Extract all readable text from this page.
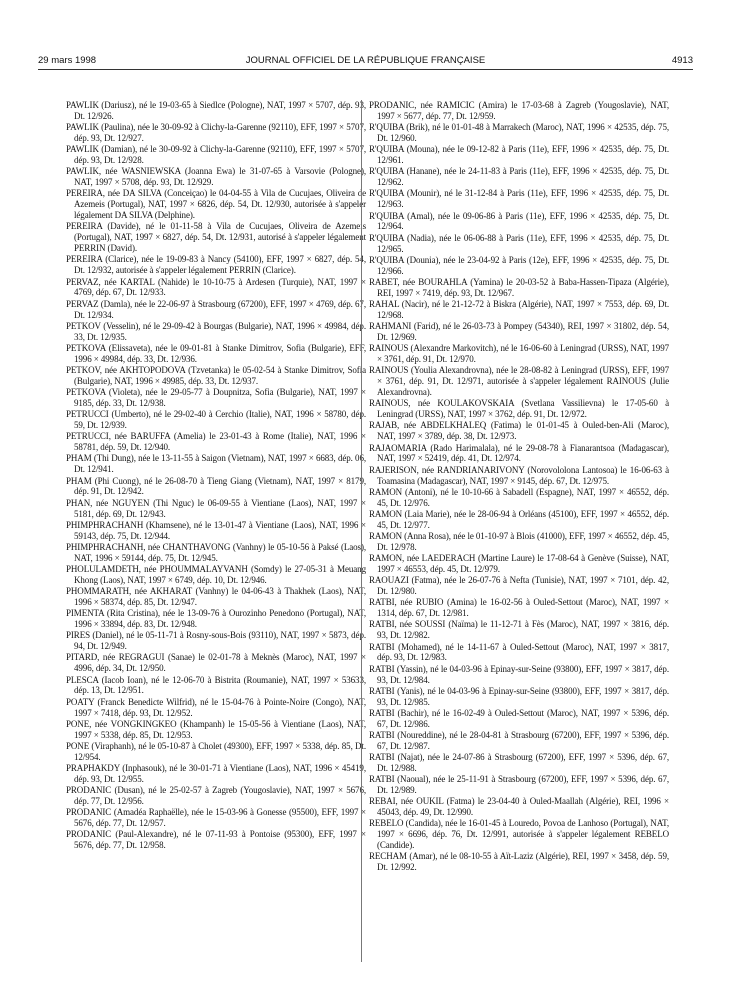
29 mars 1998	JOURNAL OFFICIEL DE LA RÉPUBLIQUE FRANÇAISE	4913

PAWLIK (Dariusz), né le 19-03-65 à Siedlce (Pologne), NAT, 1997 × 5707, dép. 93, Dt. 12/926.

PAWLIK (Paulina), née le 30-09-92 à Clichy-la-Garenne (92110), EFF, 1997 × 5707, dép. 93, Dt. 12/927.

PAWLIK (Damian), né le 30-09-92 à Clichy-la-Garenne (92110), EFF, 1997 × 5707, dép. 93, Dt. 12/928.

PAWLIK, née WASNIEWSKA (Joanna Ewa) le 31-07-65 à Varsovie (Pologne), NAT, 1997 × 5708, dép. 93, Dt. 12/929.

PEREIRA, née DA SILVA (Conceiçao) le 04-04-55 à Vila de Cucujaes, Oliveira de Azemeis (Portugal), NAT, 1997 × 6826, dép. 54, Dt. 12/930, autorisée à s'appeler légalement DA SILVA (Delphine).

PEREIRA (Davide), né le 01-11-58 à Vila de Cucujaes, Oliveira de Azemeis (Portugal), NAT, 1997 × 6827, dép. 54, Dt. 12/931, autorisé à s'appeler légalement PERRIN (David).

PEREIRA (Clarice), née le 19-09-83 à Nancy (54100), EFF, 1997 × 6827, dép. 54, Dt. 12/932, autorisée à s'appeler légalement PERRIN (Clarice).

PERVAZ, née KARTAL (Nahide) le 10-10-75 à Ardesen (Turquie), NAT, 1997 × 4769, dép. 67, Dt. 12/933.

PERVAZ (Damla), née le 22-06-97 à Strasbourg (67200), EFF, 1997 × 4769, dép. 67, Dt. 12/934.

PETKOV (Vesselin), né le 29-09-42 à Bourgas (Bulgarie), NAT, 1996 × 49984, dép. 33, Dt. 12/935.

PETKOVA (Elissaveta), née le 09-01-81 à Stanke Dimitrov, Sofia (Bulgarie), EFF, 1996 × 49984, dép. 33, Dt. 12/936.

PETKOV, née AKHTOPODOVA (Tzvetanka) le 05-02-54 à Stanke Dimitrov, Sofia (Bulgarie), NAT, 1996 × 49985, dép. 33, Dt. 12/937.

PETKOVA (Violeta), née le 29-05-77 à Doupnitza, Sofia (Bulgarie), NAT, 1997 × 9185, dép. 33, Dt. 12/938.

PETRUCCI (Umberto), né le 29-02-40 à Cerchio (Italie), NAT, 1996 × 58780, dép. 59, Dt. 12/939.

PETRUCCI, née BARUFFA (Amelia) le 23-01-43 à Rome (Italie), NAT, 1996 × 58781, dép. 59, Dt. 12/940.

PHAM (Thi Dung), née le 13-11-55 à Saigon (Vietnam), NAT, 1997 × 6683, dép. 06, Dt. 12/941.

PHAM (Phi Cuong), né le 26-08-70 à Tieng Giang (Vietnam), NAT, 1997 × 8179, dép. 91, Dt. 12/942.

PHAN, née NGUYEN (Thi Nguc) le 06-09-55 à Vientiane (Laos), NAT, 1997 × 5181, dép. 69, Dt. 12/943.

PHIMPHRACHANH (Khamsene), né le 13-01-47 à Vientiane (Laos), NAT, 1996 × 59143, dép. 75, Dt. 12/944.

PHIMPHRACHANH, née CHANTHAVONG (Vanhny) le 05-10-56 à Paksé (Laos), NAT, 1996 × 59144, dép. 75, Dt. 12/945.

PHOLULAMDETH, née PHOUMMALAYVANH (Somdy) le 27-05-31 à Meuang Khong (Laos), NAT, 1997 × 6749, dép. 10, Dt. 12/946.

PHOMMARATH, née AKHARAT (Vanhny) le 04-06-43 à Thakhek (Laos), NAT, 1996 × 58374, dép. 85, Dt. 12/947.

PIMENTA (Rita Cristina), née le 13-09-76 à Ourozinho Penedono (Portugal), NAT, 1996 × 33894, dép. 83, Dt. 12/948.

PIRES (Daniel), né le 05-11-71 à Rosny-sous-Bois (93110), NAT, 1997 × 5873, dép. 94, Dt. 12/949.

PITARD, née REGRAGUI (Sanae) le 02-01-78 à Meknès (Maroc), NAT, 1997 × 4996, dép. 34, Dt. 12/950.

PLESCA (Iacob Ioan), né le 12-06-70 à Bistrita (Roumanie), NAT, 1997 × 53633, dép. 13, Dt. 12/951.

POATY (Franck Benedicte Wilfrid), né le 15-04-76 à Pointe-Noire (Congo), NAT, 1997 × 7418, dép. 93, Dt. 12/952.

PONE, née VONGKINGKEO (Khampanh) le 15-05-56 à Vientiane (Laos), NAT, 1997 × 5338, dép. 85, Dt. 12/953.

PONE (Viraphanh), né le 05-10-87 à Cholet (49300), EFF, 1997 × 5338, dép. 85, Dt. 12/954.

PRAPHAKDY (Inphasouk), né le 30-01-71 à Vientiane (Laos), NAT, 1996 × 45419, dép. 93, Dt. 12/955.

PRODANIC (Dusan), né le 25-02-57 à Zagreb (Yougoslavie), NAT, 1997 × 5676, dép. 77, Dt. 12/956.

PRODANIC (Amadéa Raphaëlle), née le 15-03-96 à Gonesse (95500), EFF, 1997 × 5676, dép. 77, Dt. 12/957.

PRODANIC (Paul-Alexandre), né le 07-11-93 à Pontoise (95300), EFF, 1997 × 5676, dép. 77, Dt. 12/958.

PRODANIC, née RAMICIC (Amira) le 17-03-68 à Zagreb (Yougoslavie), NAT, 1997 × 5677, dép. 77, Dt. 12/959.

R'QUIBA (Brik), né le 01-01-48 à Marrakech (Maroc), NAT, 1996 × 42535, dép. 75, Dt. 12/960.

R'QUIBA (Mouna), née le 09-12-82 à Paris (11e), EFF, 1996 × 42535, dép. 75, Dt. 12/961.

R'QUIBA (Hanane), née le 24-11-83 à Paris (11e), EFF, 1996 × 42535, dép. 75, Dt. 12/962.

R'QUIBA (Mounir), né le 31-12-84 à Paris (11e), EFF, 1996 × 42535, dép. 75, Dt. 12/963.

R'QUIBA (Amal), née le 09-06-86 à Paris (11e), EFF, 1996 × 42535, dép. 75, Dt. 12/964.

R'QUIBA (Nadia), née le 06-06-88 à Paris (11e), EFF, 1996 × 42535, dép. 75, Dt. 12/965.

R'QUIBA (Dounia), née le 23-04-92 à Paris (12e), EFF, 1996 × 42535, dép. 75, Dt. 12/966.

RABET, née BOURAHLA (Yamina) le 20-03-52 à Baba-Hassen-Tipaza (Algérie), REI, 1997 × 7419, dép. 93, Dt. 12/967.

RAHAL (Nacir), né le 21-12-72 à Biskra (Algérie), NAT, 1997 × 7553, dép. 69, Dt. 12/968.

RAHMANI (Farid), né le 26-03-73 à Pompey (54340), REI, 1997 × 31802, dép. 54, Dt. 12/969.

RAINOUS (Alexandre Markovitch), né le 16-06-60 à Leningrad (URSS), NAT, 1997 × 3761, dép. 91, Dt. 12/970.

RAINOUS (Youlia Alexandrovna), née le 28-08-82 à Leningrad (URSS), EFF, 1997 × 3761, dép. 91, Dt. 12/971, autorisée à s'appeler légalement RAINOUS (Julie Alexandrovna).

RAINOUS, née KOULAKOVSKAIA (Svetlana Vassilievna) le 17-05-60 à Leningrad (URSS), NAT, 1997 × 3762, dép. 91, Dt. 12/972.

RAJAB, née ABDELKHALEQ (Fatima) le 01-01-45 à Ouled-ben-Ali (Maroc), NAT, 1997 × 3789, dép. 38, Dt. 12/973.

RAJAOMARIA (Rado Harimalala), né le 29-08-78 à Fianarantsoa (Madagascar), NAT, 1997 × 52419, dép. 41, Dt. 12/974.

RAJERISON, née RANDRIANARIVONY (Norovololona Lantosoa) le 16-06-63 à Toamasina (Madagascar), NAT, 1997 × 9145, dép. 67, Dt. 12/975.

RAMON (Antoni), né le 10-10-66 à Sabadell (Espagne), NAT, 1997 × 46552, dép. 45, Dt. 12/976.

RAMON (Laia Marie), née le 28-06-94 à Orléans (45100), EFF, 1997 × 46552, dép. 45, Dt. 12/977.

RAMON (Anna Rosa), née le 01-10-97 à Blois (41000), EFF, 1997 × 46552, dép. 45, Dt. 12/978.

RAMON, née LAEDERACH (Martine Laure) le 17-08-64 à Genève (Suisse), NAT, 1997 × 46553, dép. 45, Dt. 12/979.

RAOUAZI (Fatma), née le 26-07-76 à Nefta (Tunisie), NAT, 1997 × 7101, dép. 42, Dt. 12/980.

RATBI, née RUBIO (Amina) le 16-02-56 à Ouled-Settout (Maroc), NAT, 1997 × 1314, dép. 67, Dt. 12/981.

RATBI, née SOUSSI (Naïma) le 11-12-71 à Fès (Maroc), NAT, 1997 × 3816, dép. 93, Dt. 12/982.

RATBI (Mohamed), né le 14-11-67 à Ouled-Settout (Maroc), NAT, 1997 × 3817, dép. 93, Dt. 12/983.

RATBI (Yassin), né le 04-03-96 à Epinay-sur-Seine (93800), EFF, 1997 × 3817, dép. 93, Dt. 12/984.

RATBI (Yanis), né le 04-03-96 à Epinay-sur-Seine (93800), EFF, 1997 × 3817, dép. 93, Dt. 12/985.

RATBI (Bachir), né le 16-02-49 à Ouled-Settout (Maroc), NAT, 1997 × 5396, dép. 67, Dt. 12/986.

RATBI (Noureddine), né le 28-04-81 à Strasbourg (67200), EFF, 1997 × 5396, dép. 67, Dt. 12/987.

RATBI (Najat), née le 24-07-86 à Strasbourg (67200), EFF, 1997 × 5396, dép. 67, Dt. 12/988.

RATBI (Naoual), née le 25-11-91 à Strasbourg (67200), EFF, 1997 × 5396, dép. 67, Dt. 12/989.

REBAI, née OUKIL (Fatma) le 23-04-40 à Ouled-Maallah (Algérie), REI, 1996 × 45043, dép. 49, Dt. 12/990.

REBELO (Candida), née le 16-01-45 à Louredo, Povoa de Lanhoso (Portugal), NAT, 1997 × 6696, dép. 76, Dt. 12/991, autorisée à s'appeler légalement REBELO (Candide).

RECHAM (Amar), né le 08-10-55 à Aït-Laziz (Algérie), REI, 1997 × 3458, dép. 59, Dt. 12/992.
